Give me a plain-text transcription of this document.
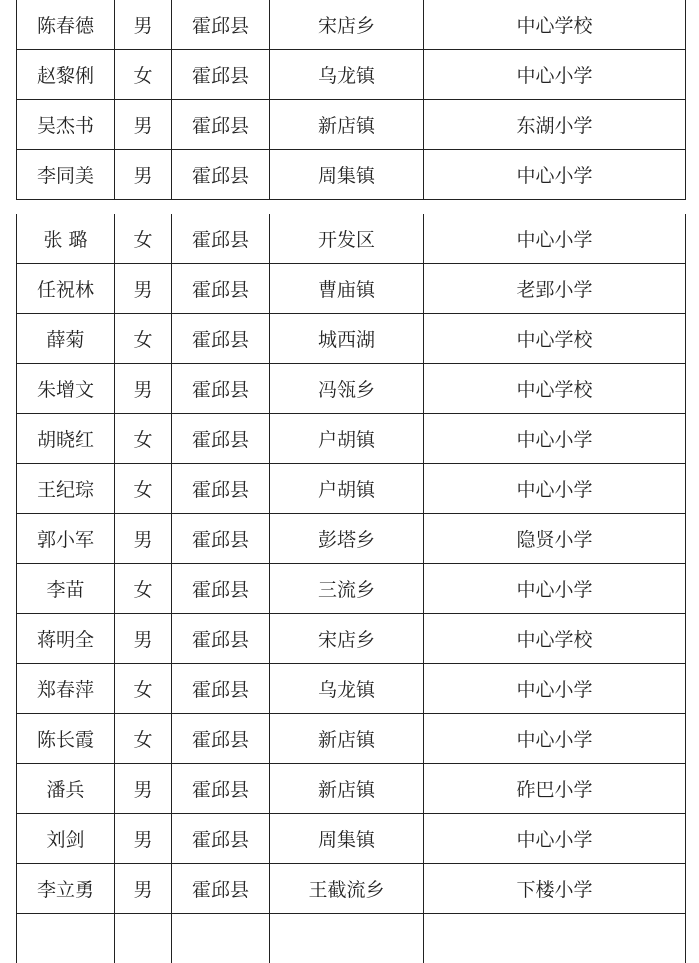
陈春德	男	霍邱县	宋店乡	中心学校
赵黎俐	女	霍邱县	乌龙镇	中心小学
吴杰书	男	霍邱县	新店镇	东湖小学
李同美	男	霍邱县	周集镇	中心小学
张 璐	女	霍邱县	开发区	中心小学
任祝林	男	霍邱县	曹庙镇	老郢小学
薛菊	女	霍邱县	城西湖	中心学校
朱增文	男	霍邱县	冯瓴乡	中心学校
胡晓红	女	霍邱县	户胡镇	中心小学
王纪琮	女	霍邱县	户胡镇	中心小学
郭小军	男	霍邱县	彭塔乡	隐贤小学
李苗	女	霍邱县	三流乡	中心小学
蒋明全	男	霍邱县	宋店乡	中心学校
郑春萍	女	霍邱县	乌龙镇	中心小学
陈长霞	女	霍邱县	新店镇	中心小学
潘兵	男	霍邱县	新店镇	砟巴小学
刘剑	男	霍邱县	周集镇	中心小学
李立勇	男	霍邱县	王截流乡	下楼小学
